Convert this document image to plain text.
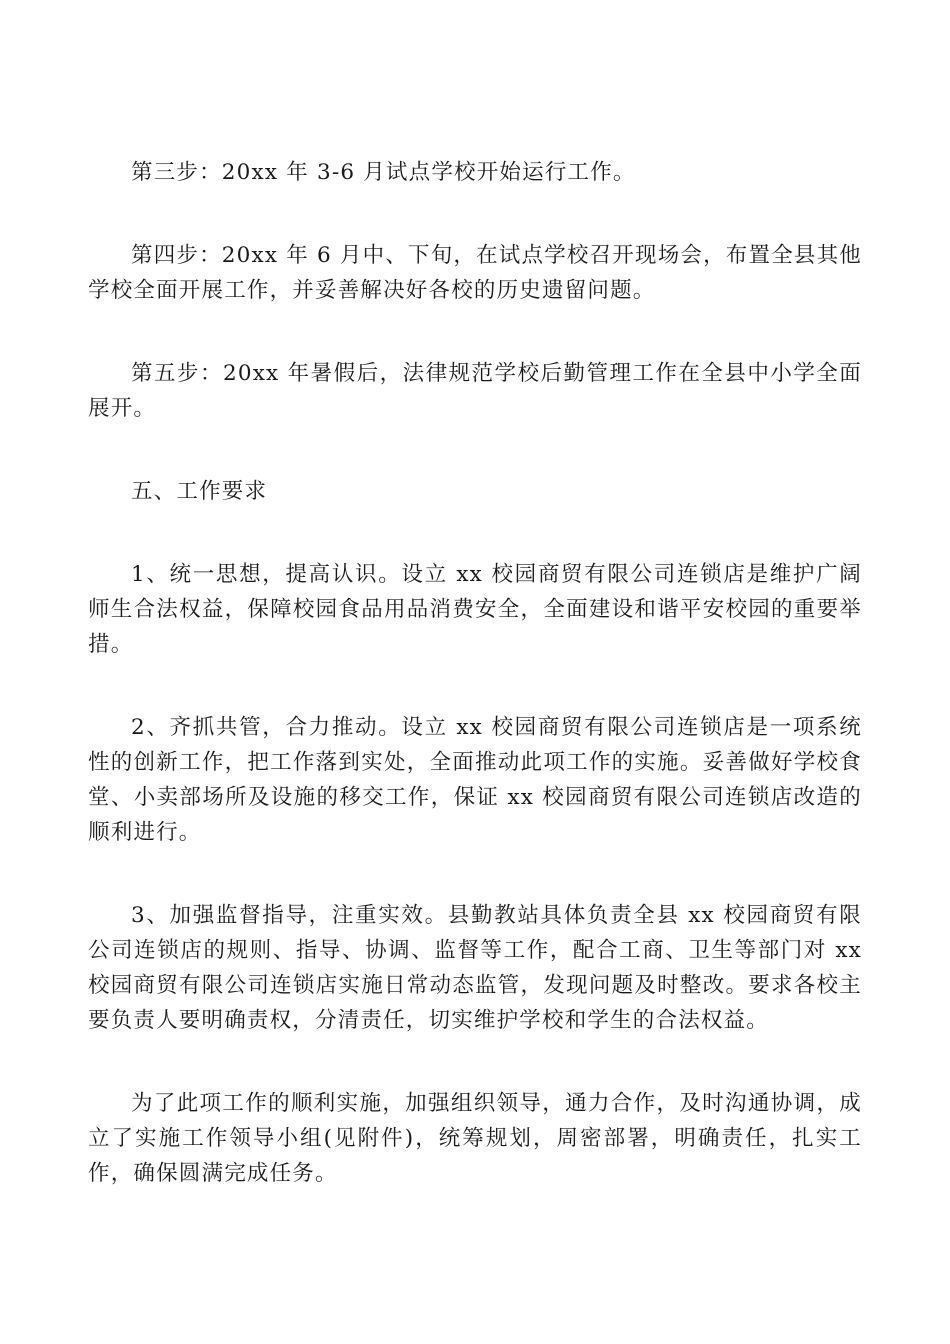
第三步：20xx 年 3-6 月试点学校开始运行工作。

第四步：20xx 年 6 月中、下旬，在试点学校召开现场会，布置全县其他学校全面开展工作，并妥善解决好各校的历史遗留问题。

第五步：20xx 年暑假后，法律规范学校后勤管理工作在全县中小学全面展开。

五、工作要求

1、统一思想，提高认识。设立 xx 校园商贸有限公司连锁店是维护广阔师生合法权益，保障校园食品用品消费安全，全面建设和谐平安校园的重要举措。

2、齐抓共管，合力推动。设立 xx 校园商贸有限公司连锁店是一项系统性的创新工作，把工作落到实处，全面推动此项工作的实施。妥善做好学校食堂、小卖部场所及设施的移交工作，保证 xx 校园商贸有限公司连锁店改造的顺利进行。

3、加强监督指导，注重实效。县勤教站具体负责全县 xx 校园商贸有限公司连锁店的规则、指导、协调、监督等工作，配合工商、卫生等部门对 xx 校园商贸有限公司连锁店实施日常动态监管，发现问题及时整改。要求各校主要负责人要明确责权，分清责任，切实维护学校和学生的合法权益。

为了此项工作的顺利实施，加强组织领导，通力合作，及时沟通协调，成立了实施工作领导小组(见附件)，统筹规划，周密部署，明确责任，扎实工作，确保圆满完成任务。
